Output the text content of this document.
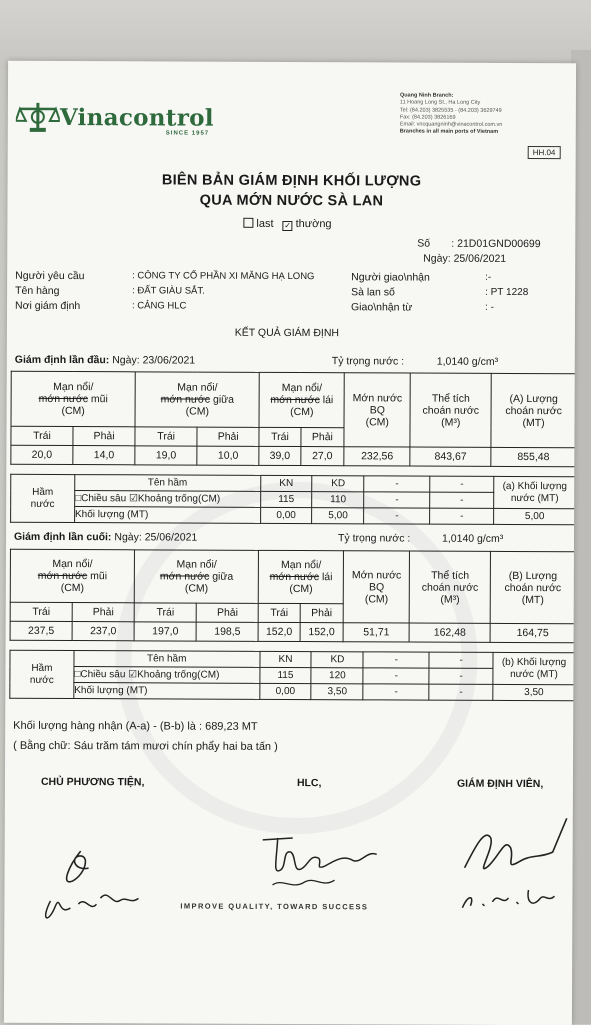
Vinacontrol
SINCE 1957
Quang Ninh Branch:
11 Hoang Long St., Ha Long City
Tel: (84.203) 3825535 - (84.203) 3629749
Fax: (84.203) 3826169
Email: vncquangninh@vinacontrol.com.vn
Branches in all main ports of Vietnam
HH.04
BIÊN BẢN GIÁM ĐỊNH KHỐI LƯỢNG
QUA MỚN NƯỚC SÀ LAN
last ✓ thường
Số : 21D01GND00699
Ngày: 25/06/2021
Người yêu cầu	: CÔNG TY CỔ PHẦN XI MĂNG HẠ LONG
Tên hàng	: ĐẤT GIÀU SẮT.
Nơi giám định	: CẢNG HLC
Người giao\nhận	:-
Sà lan số	: PT 1228
Giao\nhận từ	: -
KẾT QUẢ GIÁM ĐỊNH
Giám định lần đầu: Ngày: 23/06/2021	Tỷ trọng nước :	1,0140 g/cm³
Mạn nổi/
mớn nước mũi
(CM)		Mạn nổi/
mớn nước giữa
(CM)		Mạn nổi/
mớn nước lái
(CM)		Mớn nước
BQ
(CM)	Thể tích
choán nước
(M³)	(A) Lượng
choán nước
(MT)
Trái	Phải	Trái	Phải	Trái	Phải			
20,0	14,0	19,0	10,0	39,0	27,0	232,56	843,67	855,48
Hầm
nước	Tên hầm	KN	KD	-	-	(a) Khối lượng
nước (MT)
	□Chiều sâu ☑Khoảng trống(CM)	115	110	-	-	
	Khối lượng (MT)	0,00	5,00	-	-	5,00
Giám định lần cuối: Ngày: 25/06/2021	Tỷ trọng nước :	1,0140 g/cm³
Mạn nổi/
mớn nước mũi
(CM)		Mạn nổi/
mớn nước giữa
(CM)		Mạn nổi/
mớn nước lái
(CM)		Mớn nước
BQ
(CM)	Thể tích
choán nước
(M³)	(B) Lượng
choán nước
(MT)
Trái	Phải	Trái	Phải	Trái	Phải			
237,5	237,0	197,0	198,5	152,0	152,0	51,71	162,48	164,75
Hầm
nước	Tên hầm	KN	KD	-	-	(b) Khối lượng
nước (MT)
	□Chiều sâu ☑Khoảng trống(CM)	115	120	-	-	
	Khối lượng (MT)	0,00	3,50	-	-	3,50
Khối lượng hàng nhận (A-a) - (B-b) là : 689,23 MT
( Bằng chữ: Sáu trăm tám mươi chín phẩy hai ba tấn )
CHỦ PHƯƠNG TIỆN,	HLC,	GIÁM ĐỊNH VIÊN,
IMPROVE QUALITY, TOWARD SUCCESS
